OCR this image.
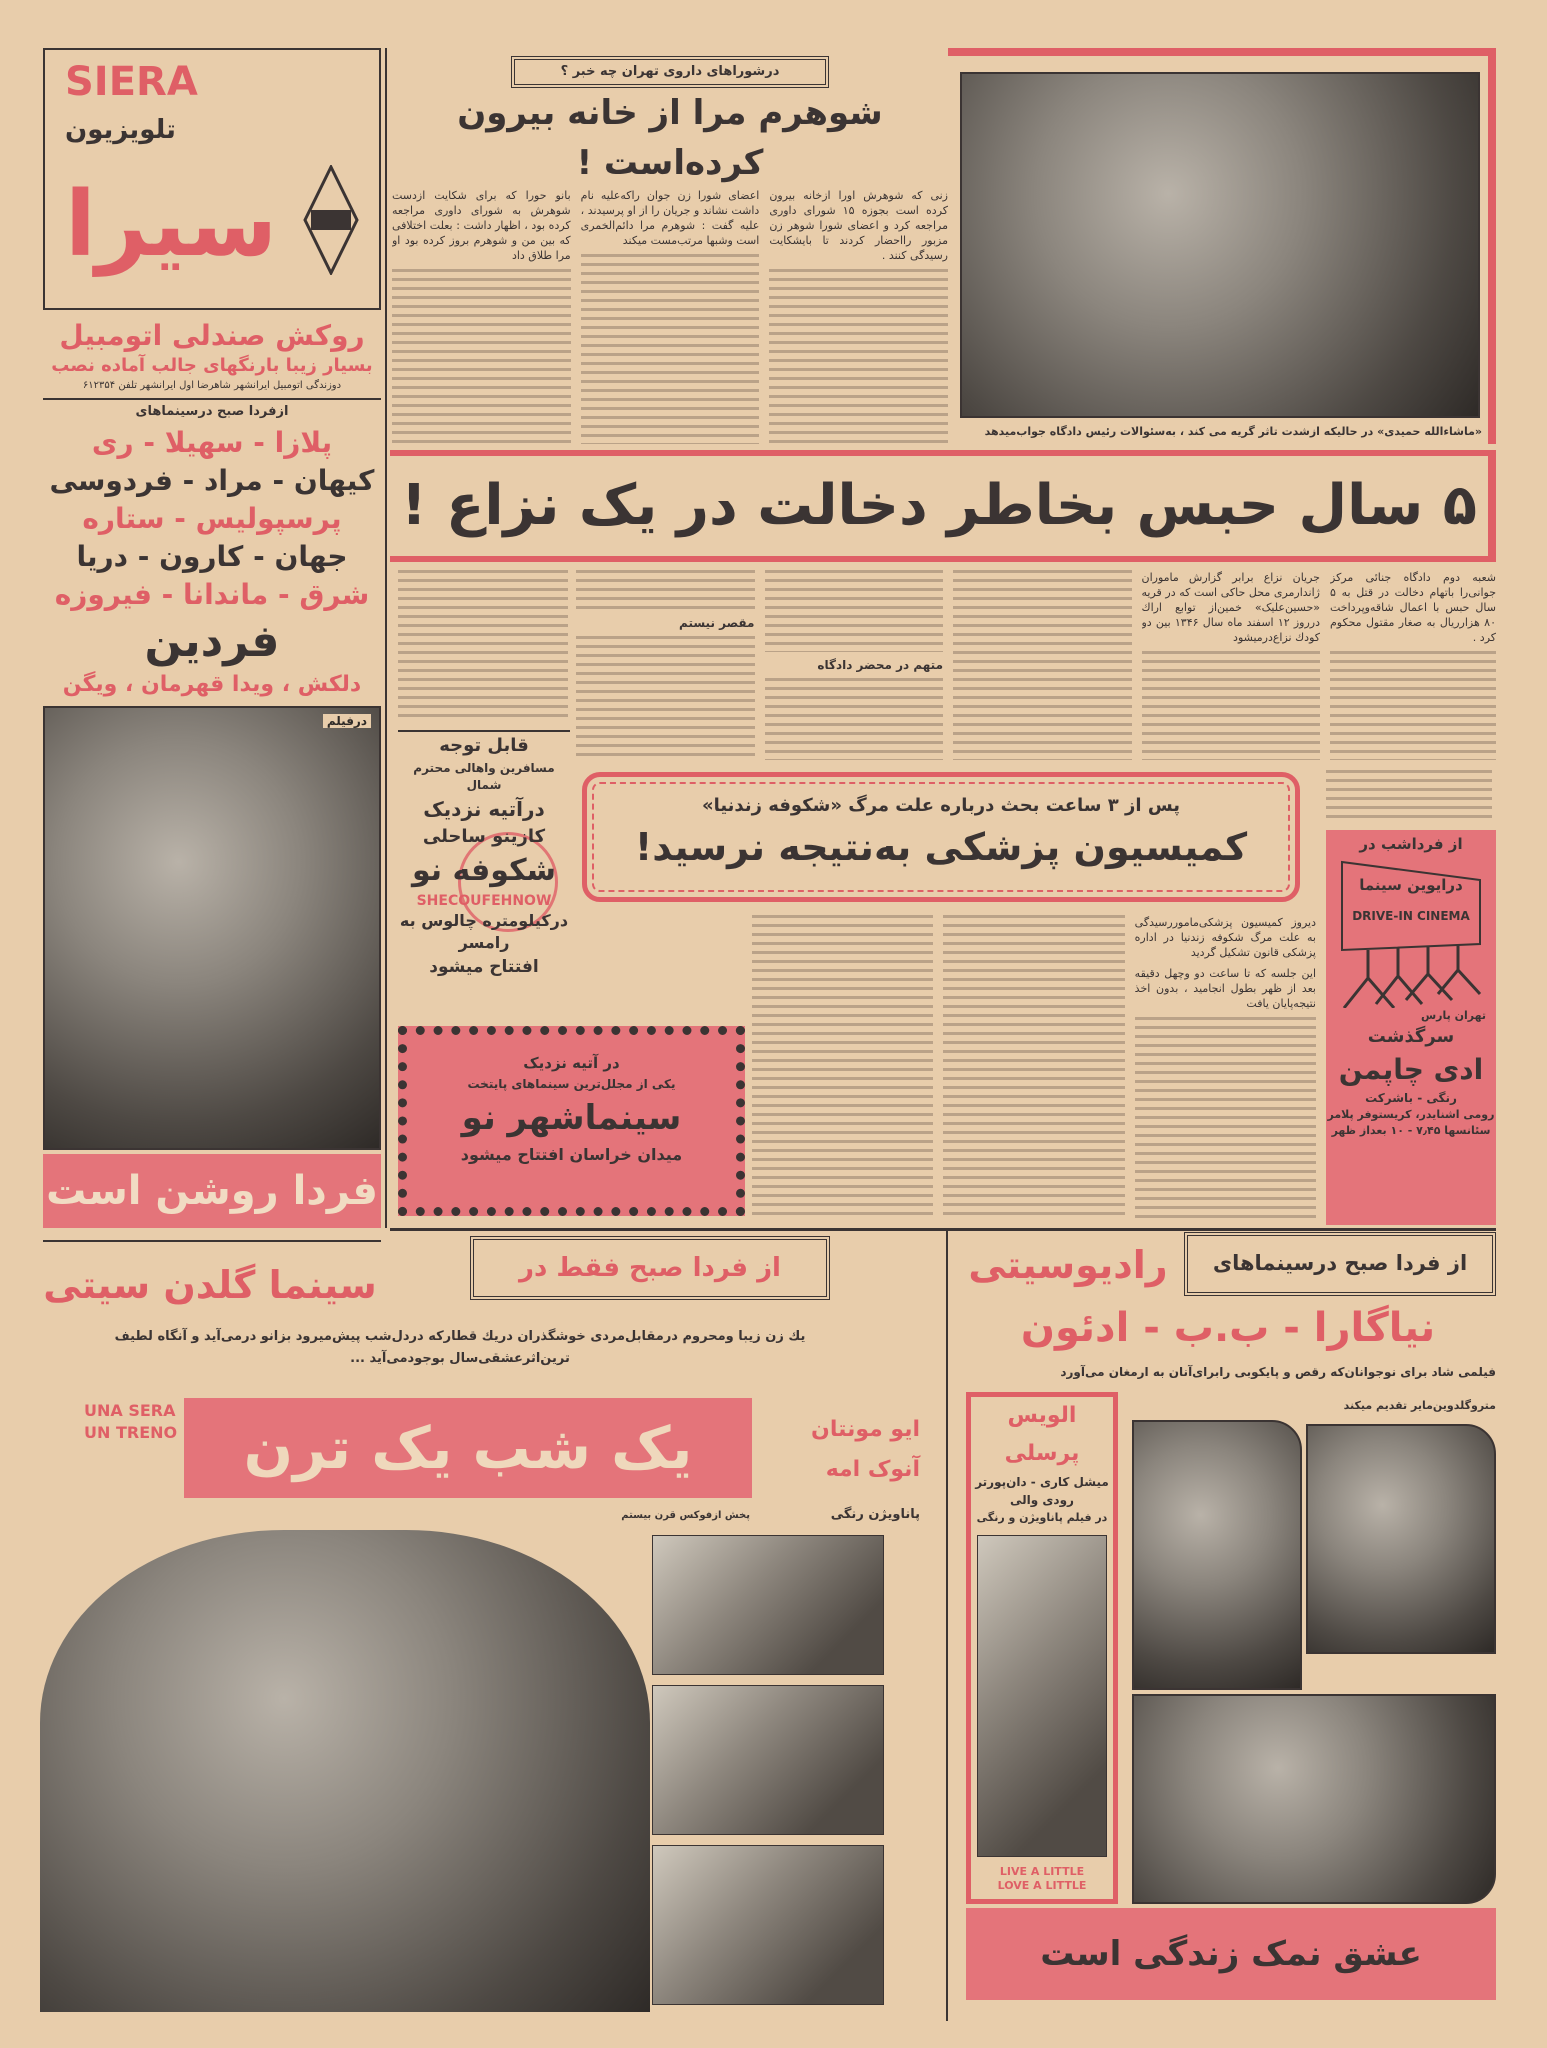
SIERA
تلویزیون
سیرا
روکش صندلی اتومبیل
بسیار زیبا بارنگهای جالب آماده نصب
دوزندگی اتومبیل ایرانشهر شاهرضا اول ایرانشهر تلفن ۶۱۲۳۵۴
ازفردا صبح درسینماهای
پلازا - سهیلا - ری
کیهان - مراد - فردوسی
پرسپولیس - ستاره
جهان - کارون - دریا
شرق - ماندانا - فیروزه
فردین
دلکش ، ویدا قهرمان ، ویگن
درفیلم
فردا روشن است
درشوراهای داروی تهران چه خبر ؟
شوهرم مرا از خانه بیرون کرده‌است !
زنی که شوهرش اورا ازخانه بیرون کرده است بجوزه ۱۵ شورای داوری مراجعه کرد و اعضای شورا شوهر زن مزبور رااحضار کردند تا بایشکایت رسیدگی کنند .
اعضای شورا زن جوان راکه‌علیه نام داشت نشاند و جریان را از او پرسیدند ، علیه گفت : شوهرم مرا دائم‌الخمری است وشبها مرتب‌مست میکند
بانو حورا که برای شکایت ازدست شوهرش به شورای داوری مراجعه کرده بود ، اظهار داشت : بعلت اختلافی که بین من و شوهرم بروز کرده بود او مرا طلاق داد
«ماشاءالله حمیدی» در حالیکه ازشدت تاثر گریه می کند ، به‌سئوالات رئیس دادگاه جواب‌میدهد
۵ سال حبس بخاطر دخالت در یک نزاع !
شعبه دوم دادگاه جنائی مرکز جوانی‌را باتهام دخالت در قتل به ۵ سال حبس با اعمال شاقه‌وپرداخت ۸۰ هزارریال به صغار مقتول محکوم کرد .
جریان نزاع برابر گزارش ماموران ژاندارمری محل حاکی است که در قریه «حسین‌علیک» خمین‌از توابع اراك درروز ۱۲ اسفند ماه سال ۱۳۴۶ بین دو کودك نزاع‌درمیشود
متهم در محضر دادگاه
مقصر نیستم
قابل توجه
مسافرین واهالی محترم شمال
درآتیه نزدیک
کازینو ساحلی
شکوفه نو
SHECOUFEHNOW
درکیلومتره چالوس به رامسر
افتتاح میشود
پس از ۳ ساعت بحث درباره علت مرگ «شکوفه زندنیا»
کمیسیون پزشکی به‌نتیجه نرسید!
در آتیه نزدیک
یکی از مجلل‌ترین سینماهای پایتخت
سینماشهر نو
میدان خراسان افتتاح میشود
دیروز کمیسیون پزشکی‌ماموررسیدگی به علت مرگ شکوفه زندنیا در اداره پزشکی قانون تشکیل گردید
این جلسه که تا ساعت دو وچهل دقیقه بعد از ظهر بطول انجامید ، بدون اخذ نتیجه‌پایان یافت
از فرداشب در
درایوین سینما
DRIVE-IN CINEMA
تهران پارس
سرگذشت
ادی چاپمن
رنگی - باشرکت
رومی اشنایدر، کریستوفر پلامر
سئانسها ۷٫۴۵ - ۱۰ بعداز ظهر
سینما گلدن سیتی	از فردا صبح فقط در
یك زن زیبا ومحروم درمقابل‌مردی خوشگذران دریك قطارکه دردل‌شب پیش‌میرود بزانو درمی‌آید و آنگاه لطیف ترین‌اثرعشقی‌سال بوجودمی‌آید ...
UNA SERA
UN TRENO	یک شب یک ترن	ایو مونتان
آنوک امه
پاناویژن رنگی
پخش ازفوکس قرن بیستم
از فردا صبح درسینماهای
رادیوسیتی
نیاگارا - ب.ب - ادئون
فیلمی شاد برای نوجوانان‌که رقص و پایکوبی رابرای‌آنان به ارمغان می‌آورد
متروگلدوین‌مایر تقدیم میکند
الویس پرسلی
میشل کاری - دان‌پورتر
رودی والی
در فیلم پاناویژن و رنگی
LIVE A LITTLE LOVE A LITTLE
عشق نمک زندگی است
